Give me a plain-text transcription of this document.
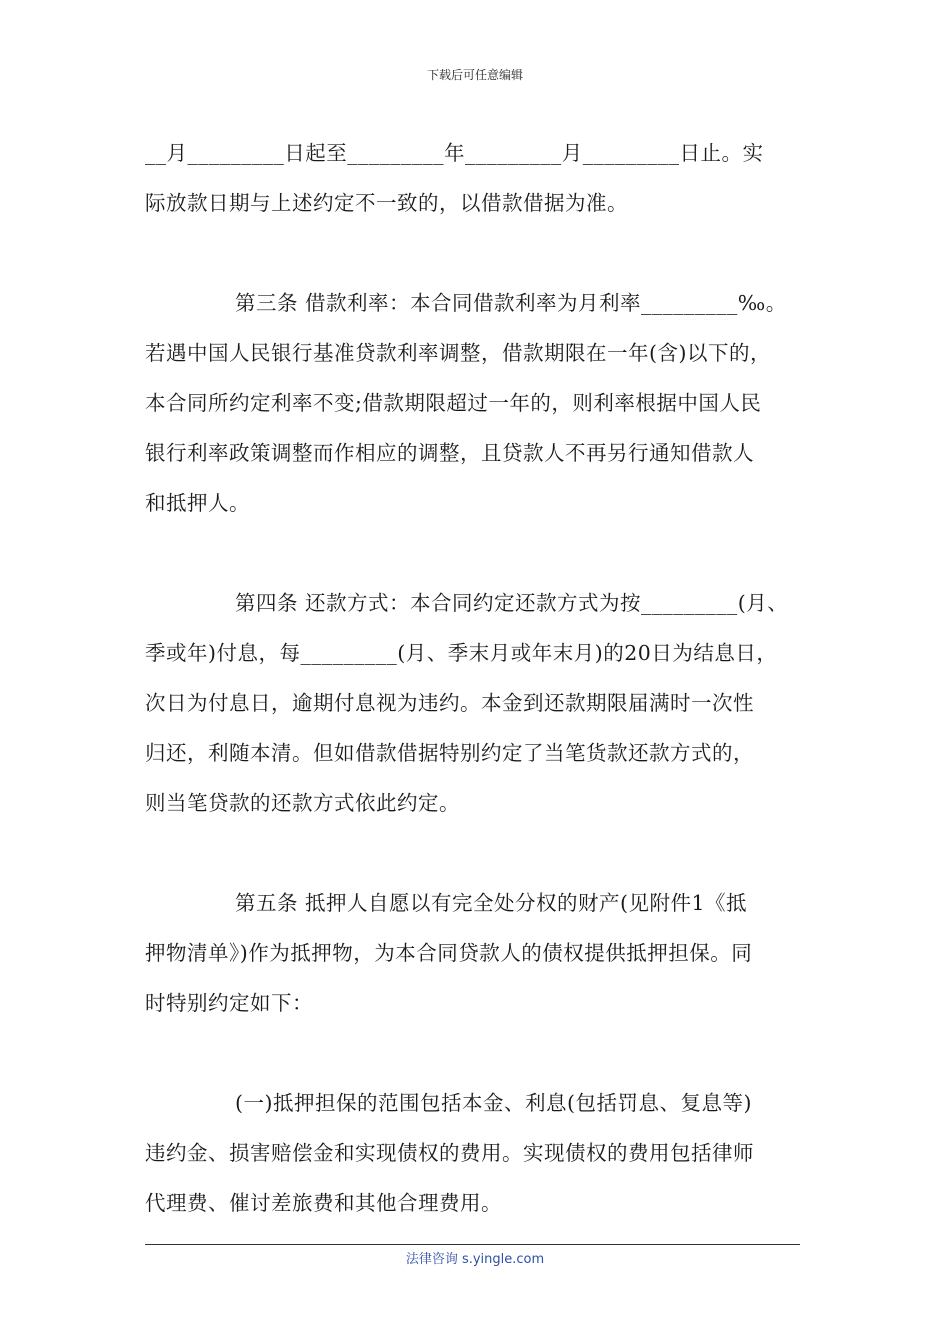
下载后可任意编辑
__月_________日起至_________年_________月_________日止。实
际放款日期与上述约定不一致的，以借款借据为准。
第三条 借款利率：本合同借款利率为月利率_________‰。
若遇中国人民银行基准贷款利率调整，借款期限在一年(含)以下的，
本合同所约定利率不变;借款期限超过一年的，则利率根据中国人民
银行利率政策调整而作相应的调整，且贷款人不再另行通知借款人
和抵押人。
第四条 还款方式：本合同约定还款方式为按_________(月、
季或年)付息，每_________(月、季末月或年末月)的20日为结息日，
次日为付息日，逾期付息视为违约。本金到还款期限届满时一次性
归还，利随本清。但如借款借据特别约定了当笔货款还款方式的，
则当笔贷款的还款方式依此约定。
第五条 抵押人自愿以有完全处分权的财产(见附件1《抵
押物清单》)作为抵押物，为本合同贷款人的债权提供抵押担保。同
时特别约定如下：
(一)抵押担保的范围包括本金、利息(包括罚息、复息等)
违约金、损害赔偿金和实现债权的费用。实现债权的费用包括律师
代理费、催讨差旅费和其他合理费用。
法律咨询 s.yingle.com
